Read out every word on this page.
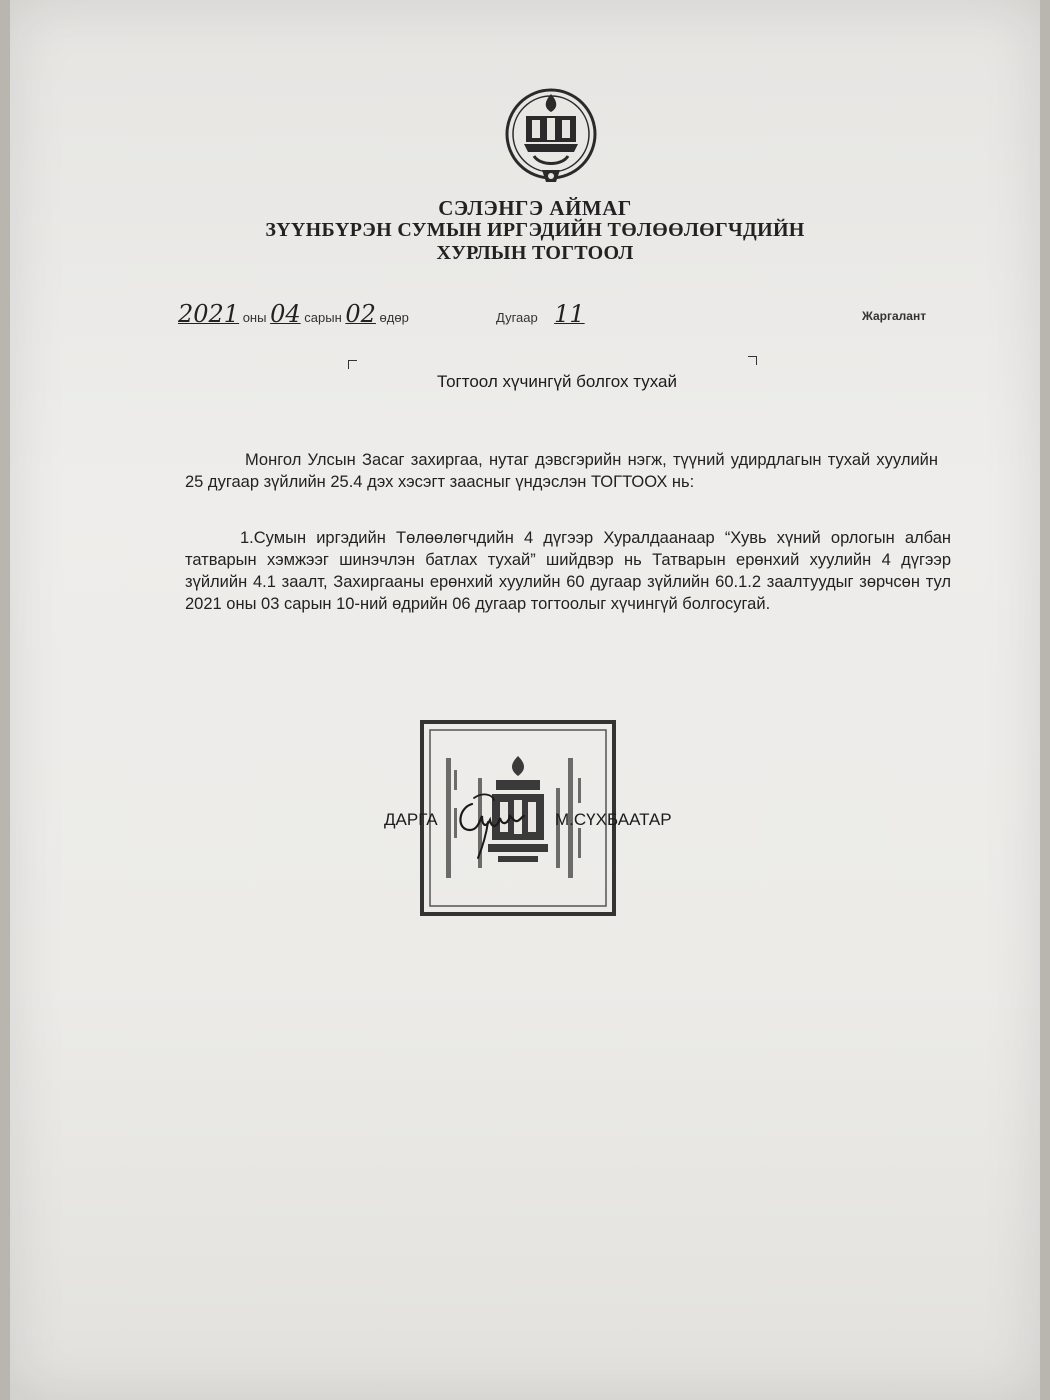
СЭЛЭНГЭ АЙМАГ
ЗҮҮНБҮРЭН СУМЫН ИРГЭДИЙН ТӨЛӨӨЛӨГЧДИЙН
ХУРЛЫН ТОГТООЛ
2021 оны 04 сарын 02 өдөр	Дугаар 11	Жаргалант
Тогтоол хүчингүй болгох тухай
Монгол Улсын Засаг захиргаа, нутаг дэвсгэрийн нэгж, түүний удирдлагын тухай хуулийн 25 дугаар зүйлийн 25.4 дэх хэсэгт заасныг үндэслэн ТОГТООХ нь:
1.Сумын иргэдийн Төлөөлөгчдийн 4 дүгээр Хуралдаанаар “Хувь хүний орлогын албан татварын хэмжээг шинэчлэн батлах тухай” шийдвэр нь Татварын ерөнхий хуулийн 4 дүгээр зүйлийн 4.1 заалт, Захиргааны ерөнхий хуулийн 60 дугаар зүйлийн 60.1.2 заалтуудыг зөрчсөн тул 2021 оны 03 сарын 10-ний өдрийн 06 дугаар тогтоолыг хүчингүй болгосугай.
ДАРГА	М.СҮХБААТАР
